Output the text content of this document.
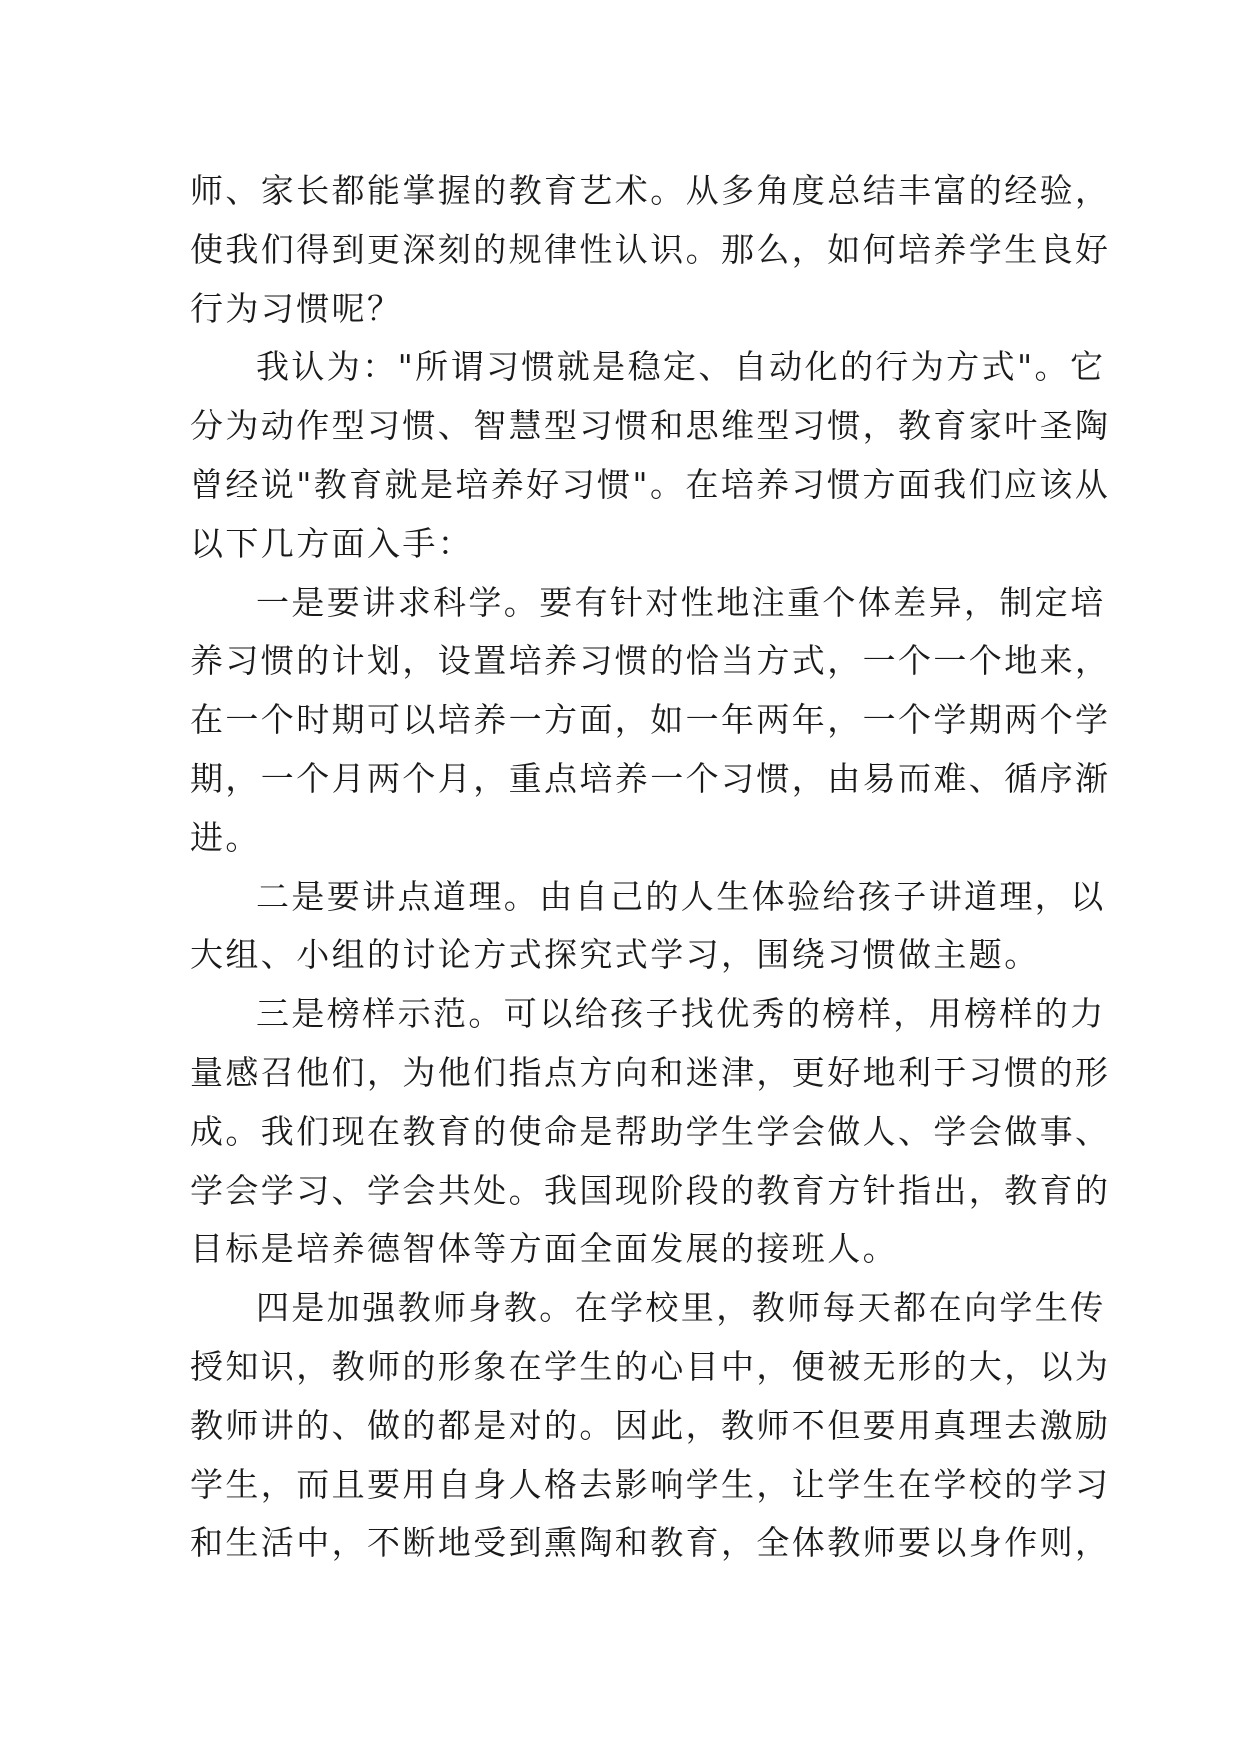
师、家长都能掌握的教育艺术。从多角度总结丰富的经验，
使我们得到更深刻的规律性认识。那么，如何培养学生良好
行为习惯呢？
我认为："所谓习惯就是稳定、自动化的行为方式"。它
分为动作型习惯、智慧型习惯和思维型习惯，教育家叶圣陶
曾经说"教育就是培养好习惯"。在培养习惯方面我们应该从
以下几方面入手：
一是要讲求科学。要有针对性地注重个体差异，制定培
养习惯的计划，设置培养习惯的恰当方式，一个一个地来，
在一个时期可以培养一方面，如一年两年，一个学期两个学
期，一个月两个月，重点培养一个习惯，由易而难、循序渐
进。
二是要讲点道理。由自己的人生体验给孩子讲道理，以
大组、小组的讨论方式探究式学习，围绕习惯做主题。
三是榜样示范。可以给孩子找优秀的榜样，用榜样的力
量感召他们，为他们指点方向和迷津，更好地利于习惯的形
成。我们现在教育的使命是帮助学生学会做人、学会做事、
学会学习、学会共处。我国现阶段的教育方针指出，教育的
目标是培养德智体等方面全面发展的接班人。
四是加强教师身教。在学校里，教师每天都在向学生传
授知识，教师的形象在学生的心目中，便被无形的大，以为
教师讲的、做的都是对的。因此，教师不但要用真理去激励
学生，而且要用自身人格去影响学生，让学生在学校的学习
和生活中，不断地受到熏陶和教育，全体教师要以身作则，
